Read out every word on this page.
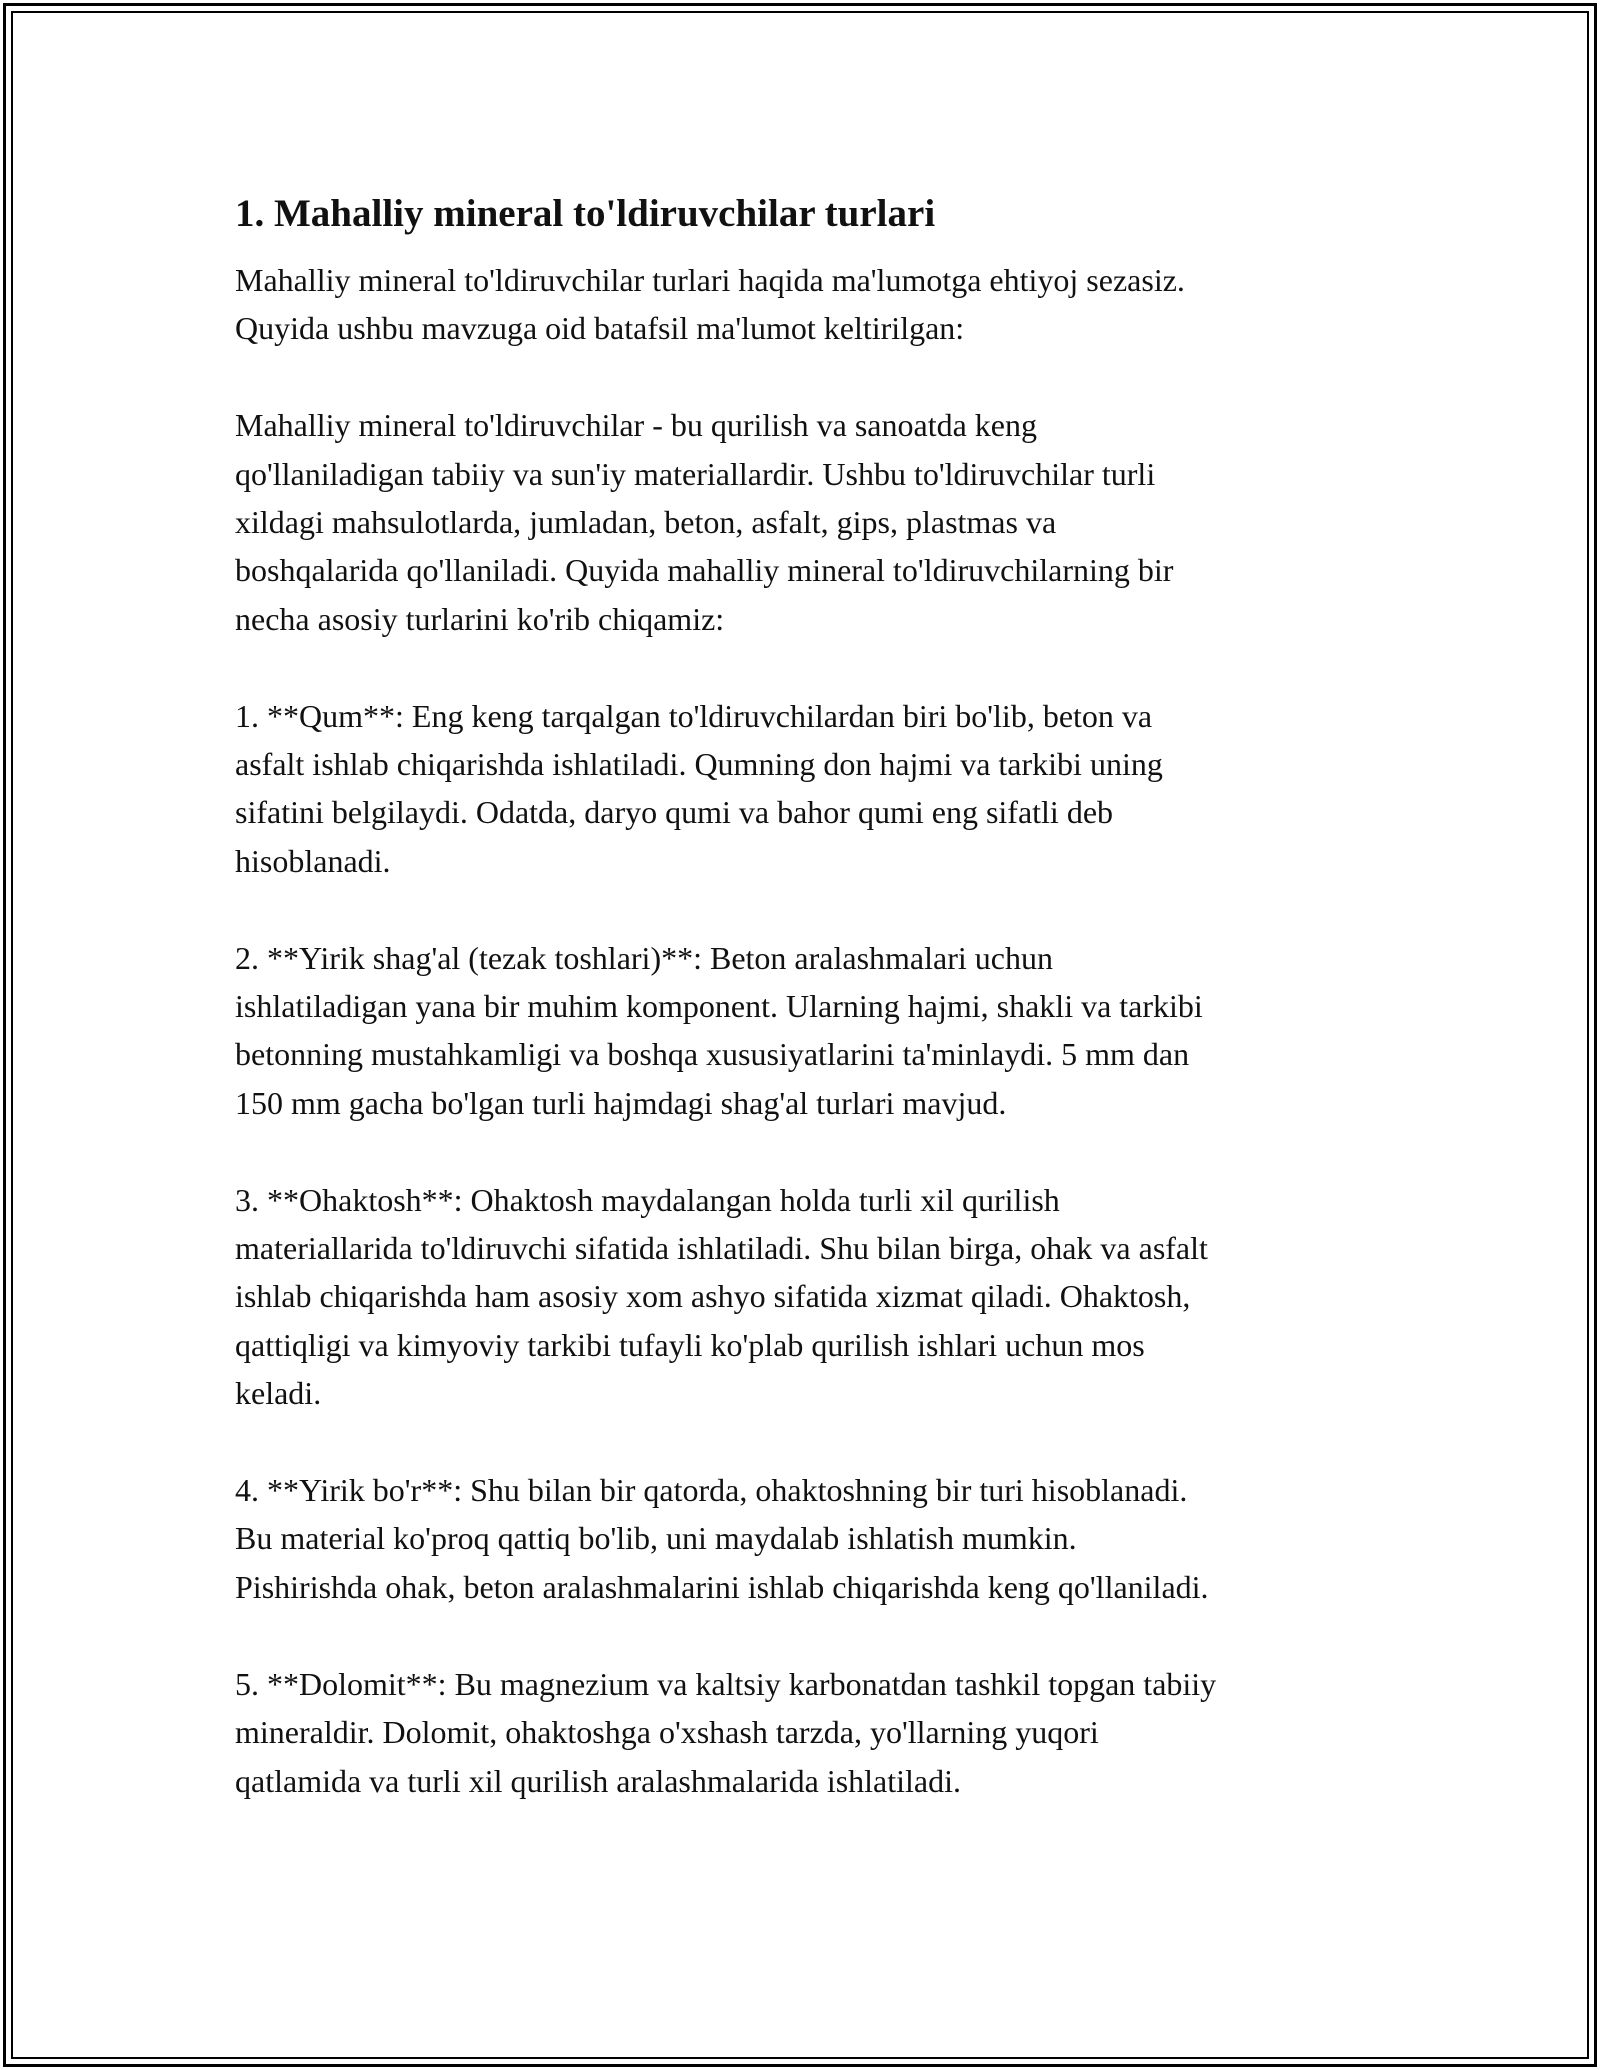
1. Mahalliy mineral to'ldiruvchilar turlari

Mahalliy mineral to'ldiruvchilar turlari haqida ma'lumotga ehtiyoj sezasiz.
Quyida ushbu mavzuga oid batafsil ma'lumot keltirilgan:

Mahalliy mineral to'ldiruvchilar - bu qurilish va sanoatda keng
qo'llaniladigan tabiiy va sun'iy materiallardir. Ushbu to'ldiruvchilar turli
xildagi mahsulotlarda, jumladan, beton, asfalt, gips, plastmas va
boshqalarida qo'llaniladi. Quyida mahalliy mineral to'ldiruvchilarning bir
necha asosiy turlarini ko'rib chiqamiz:

1. **Qum**: Eng keng tarqalgan to'ldiruvchilardan biri bo'lib, beton va
asfalt ishlab chiqarishda ishlatiladi. Qumning don hajmi va tarkibi uning
sifatini belgilaydi. Odatda, daryo qumi va bahor qumi eng sifatli deb
hisoblanadi.

2. **Yirik shag'al (tezak toshlari)**: Beton aralashmalari uchun
ishlatiladigan yana bir muhim komponent. Ularning hajmi, shakli va tarkibi
betonning mustahkamligi va boshqa xususiyatlarini ta'minlaydi. 5 mm dan
150 mm gacha bo'lgan turli hajmdagi shag'al turlari mavjud.

3. **Ohaktosh**: Ohaktosh maydalangan holda turli xil qurilish
materiallarida to'ldiruvchi sifatida ishlatiladi. Shu bilan birga, ohak va asfalt
ishlab chiqarishda ham asosiy xom ashyo sifatida xizmat qiladi. Ohaktosh,
qattiqligi va kimyoviy tarkibi tufayli ko'plab qurilish ishlari uchun mos
keladi.

4. **Yirik bo'r**: Shu bilan bir qatorda, ohaktoshning bir turi hisoblanadi.
Bu material ko'proq qattiq bo'lib, uni maydalab ishlatish mumkin.
Pishirishda ohak, beton aralashmalarini ishlab chiqarishda keng qo'llaniladi.

5. **Dolomit**: Bu magnezium va kaltsiy karbonatdan tashkil topgan tabiiy
mineraldir. Dolomit, ohaktoshga o'xshash tarzda, yo'llarning yuqori
qatlamida va turli xil qurilish aralashmalarida ishlatiladi.
